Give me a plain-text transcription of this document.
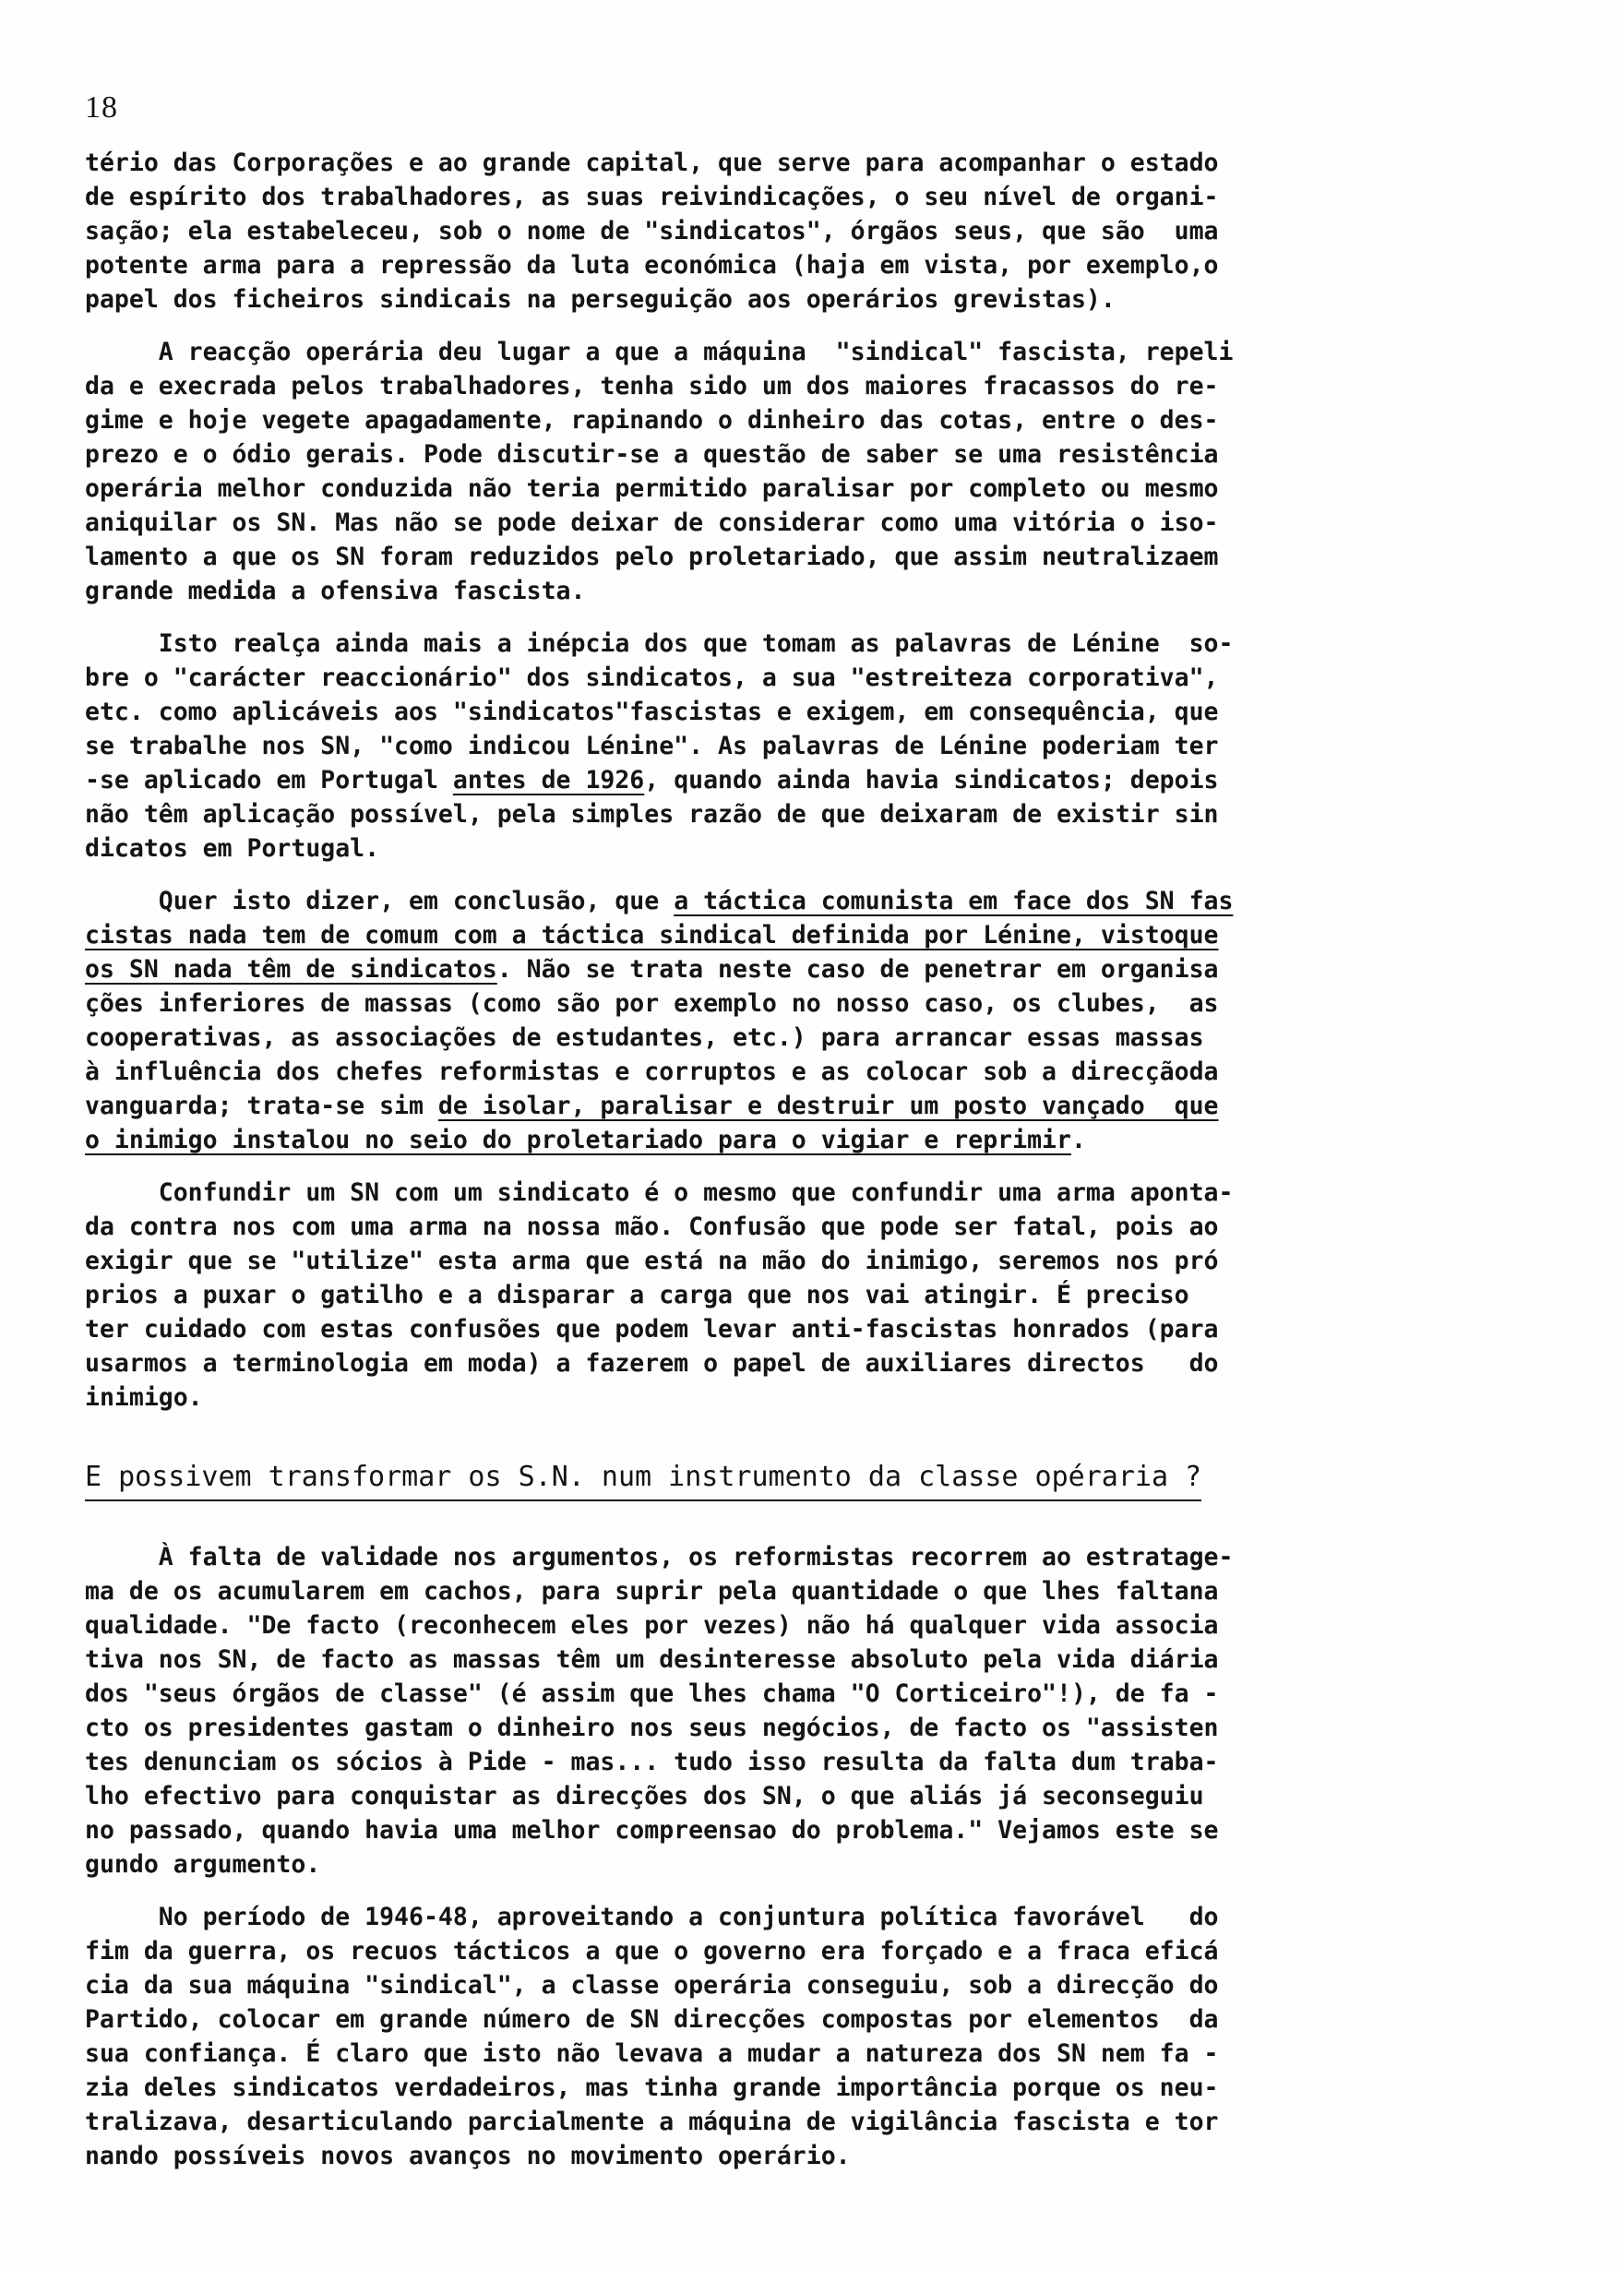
18
tério das Corporações e ao grande capital, que serve para acompanhar o estado
de espírito dos trabalhadores, as suas reivindicações, o seu nível de organi-
sação; ela estabeleceu, sob o nome de "sindicatos", órgãos seus, que são  uma
potente arma para a repressão da luta económica (haja em vista, por exemplo,o
papel dos ficheiros sindicais na perseguição aos operários grevistas).
A reacção operária deu lugar a que a máquina  "sindical" fascista, repeli
da e execrada pelos trabalhadores, tenha sido um dos maiores fracassos do re-
gime e hoje vegete apagadamente, rapinando o dinheiro das cotas, entre o des-
prezo e o ódio gerais. Pode discutir-se a questão de saber se uma resistência
operária melhor conduzida não teria permitido paralisar por completo ou mesmo
aniquilar os SN. Mas não se pode deixar de considerar como uma vitória o iso-
lamento a que os SN foram reduzidos pelo proletariado, que assim neutralizaem
grande medida a ofensiva fascista.
Isto realça ainda mais a inépcia dos que tomam as palavras de Lénine  so-
bre o "carácter reaccionário" dos sindicatos, a sua "estreiteza corporativa",
etc. como aplicáveis aos "sindicatos"fascistas e exigem, em consequência, que
se trabalhe nos SN, "como indicou Lénine". As palavras de Lénine poderiam ter
-se aplicado em Portugal antes de 1926, quando ainda havia sindicatos; depois
não têm aplicação possível, pela simples razão de que deixaram de existir sin
dicatos em Portugal.
Quer isto dizer, em conclusão, que a táctica comunista em face dos SN fas
cistas nada tem de comum com a táctica sindical definida por Lénine, vistoque
os SN nada têm de sindicatos. Não se trata neste caso de penetrar em organisa
ções inferiores de massas (como são por exemplo no nosso caso, os clubes,  as
cooperativas, as associações de estudantes, etc.) para arrancar essas massas
à influência dos chefes reformistas e corruptos e as colocar sob a direcçãoda
vanguarda; trata-se sim de isolar, paralisar e destruir um posto vançado  que
o inimigo instalou no seio do proletariado para o vigiar e reprimir.
Confundir um SN com um sindicato é o mesmo que confundir uma arma aponta-
da contra nos com uma arma na nossa mão. Confusão que pode ser fatal, pois ao
exigir que se "utilize" esta arma que está na mão do inimigo, seremos nos pró
prios a puxar o gatilho e a disparar a carga que nos vai atingir. É preciso
ter cuidado com estas confusões que podem levar anti-fascistas honrados (para
usarmos a terminologia em moda) a fazerem o papel de auxiliares directos   do
inimigo.
E possivem transformar os S.N. num instrumento da classe opéraria ?
À falta de validade nos argumentos, os reformistas recorrem ao estratage-
ma de os acumularem em cachos, para suprir pela quantidade o que lhes faltana
qualidade. "De facto (reconhecem eles por vezes) não há qualquer vida associa
tiva nos SN, de facto as massas têm um desinteresse absoluto pela vida diária
dos "seus órgãos de classe" (é assim que lhes chama "O Corticeiro"!), de fa -
cto os presidentes gastam o dinheiro nos seus negócios, de facto os "assisten
tes denunciam os sócios à Pide - mas... tudo isso resulta da falta dum traba-
lho efectivo para conquistar as direcções dos SN, o que aliás já seconseguiu
no passado, quando havia uma melhor compreensao do problema." Vejamos este se
gundo argumento.
No período de 1946-48, aproveitando a conjuntura política favorável   do
fim da guerra, os recuos tácticos a que o governo era forçado e a fraca eficá
cia da sua máquina "sindical", a classe operária conseguiu, sob a direcção do
Partido, colocar em grande número de SN direcções compostas por elementos  da
sua confiança. É claro que isto não levava a mudar a natureza dos SN nem fa -
zia deles sindicatos verdadeiros, mas tinha grande importância porque os neu-
tralizava, desarticulando parcialmente a máquina de vigilância fascista e tor
nando possíveis novos avanços no movimento operário.
